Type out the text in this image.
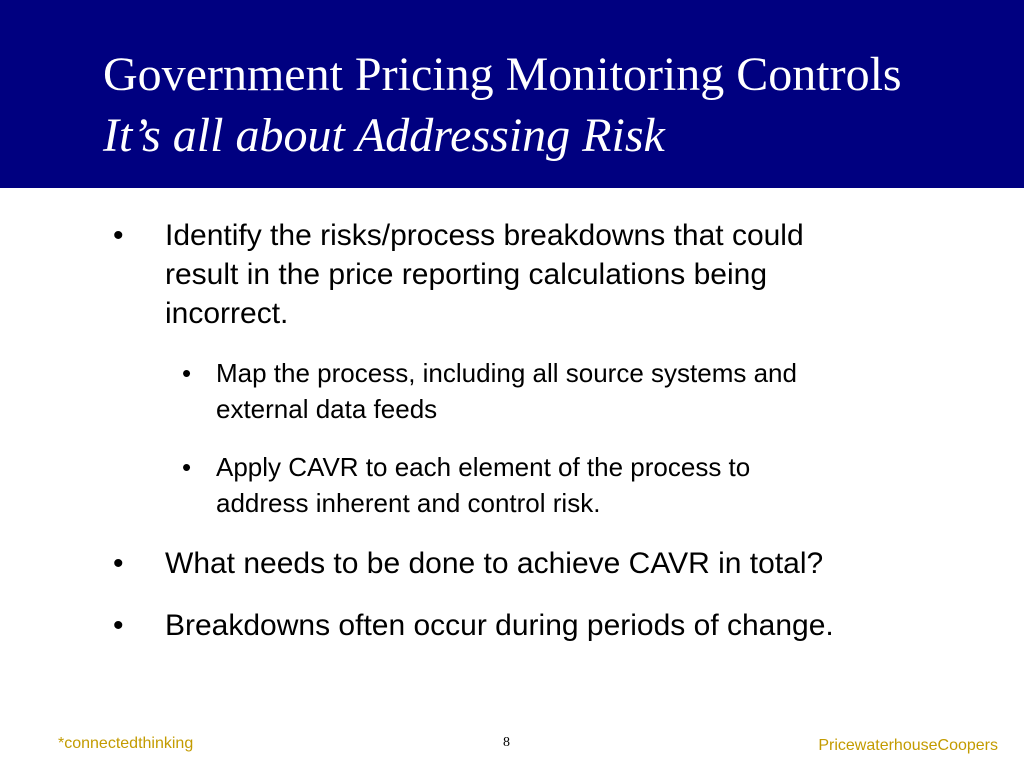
Government Pricing Monitoring Controls
It’s all about Addressing Risk
• Identify the risks/process breakdowns that could
result in the price reporting calculations being
incorrect.
• Map the process, including all source systems and
external data feeds
• Apply CAVR to each element of the process to
address inherent and control risk.
• What needs to be done to achieve CAVR in total?
• Breakdowns often occur during periods of change.
*connectedthinking	8	PricewaterhouseCoopers
